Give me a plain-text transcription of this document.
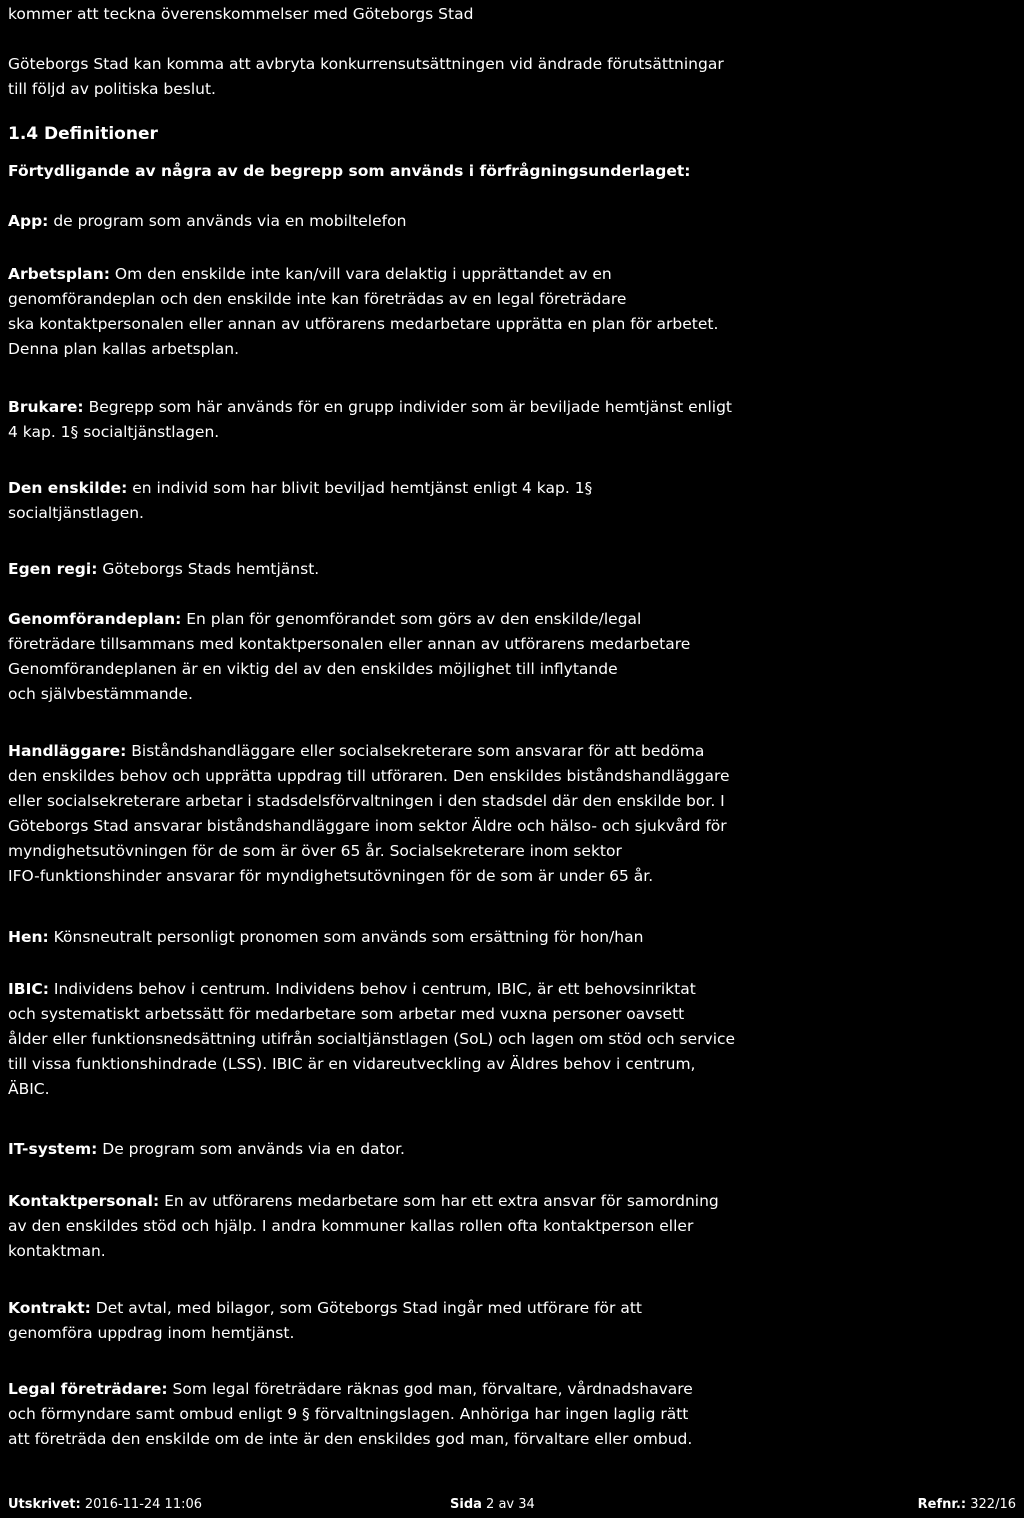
kommer att teckna överenskommelser med Göteborgs Stad

Göteborgs Stad kan komma att avbryta konkurrensutsättningen vid ändrade förutsättningar
till följd av politiska beslut.

1.4 Definitioner

Förtydligande av några av de begrepp som används i förfrågningsunderlaget:

App: de program som används via en mobiltelefon

Arbetsplan: Om den enskilde inte kan/vill vara delaktig i upprättandet av en
genomförandeplan och den enskilde inte kan företrädas av en legal företrädare
ska kontaktpersonalen eller annan av utförarens medarbetare upprätta en plan för arbetet.
Denna plan kallas arbetsplan.

Brukare: Begrepp som här används för en grupp individer som är beviljade hemtjänst enligt
4 kap. 1§ socialtjänstlagen.

Den enskilde: en individ som har blivit beviljad hemtjänst enligt 4 kap. 1§
socialtjänstlagen.

Egen regi: Göteborgs Stads hemtjänst.

Genomförandeplan: En plan för genomförandet som görs av den enskilde/legal
företrädare tillsammans med kontaktpersonalen eller annan av utförarens medarbetare
Genomförandeplanen är en viktig del av den enskildes möjlighet till inflytande
och självbestämmande.

Handläggare: Biståndshandläggare eller socialsekreterare som ansvarar för att bedöma
den enskildes behov och upprätta uppdrag till utföraren. Den enskildes biståndshandläggare
eller socialsekreterare arbetar i stadsdelsförvaltningen i den stadsdel där den enskilde bor. I
Göteborgs Stad ansvarar biståndshandläggare inom sektor Äldre och hälso- och sjukvård för
myndighetsutövningen för de som är över 65 år. Socialsekreterare inom sektor
IFO-funktionshinder ansvarar för myndighetsutövningen för de som är under 65 år.

Hen: Könsneutralt personligt pronomen som används som ersättning för hon/han

IBIC: Individens behov i centrum. Individens behov i centrum, IBIC, är ett behovsinriktat
och systematiskt arbetssätt för medarbetare som arbetar med vuxna personer oavsett
ålder eller funktionsnedsättning utifrån socialtjänstlagen (SoL) och lagen om stöd och service
till vissa funktionshindrade (LSS). IBIC är en vidareutveckling av Äldres behov i centrum,
ÄBIC.

IT-system: De program som används via en dator.

Kontaktpersonal: En av utförarens medarbetare som har ett extra ansvar för samordning
av den enskildes stöd och hjälp. I andra kommuner kallas rollen ofta kontaktperson eller
kontaktman.

Kontrakt: Det avtal, med bilagor, som Göteborgs Stad ingår med utförare för att
genomföra uppdrag inom hemtjänst.

Legal företrädare: Som legal företrädare räknas god man, förvaltare, vårdnadshavare
och förmyndare samt ombud enligt 9 § förvaltningslagen. Anhöriga har ingen laglig rätt
att företräda den enskilde om de inte är den enskildes god man, förvaltare eller ombud.

Utskrivet: 2016-11-24 11:06	Sida 2 av 34	Refnr.: 322/16
